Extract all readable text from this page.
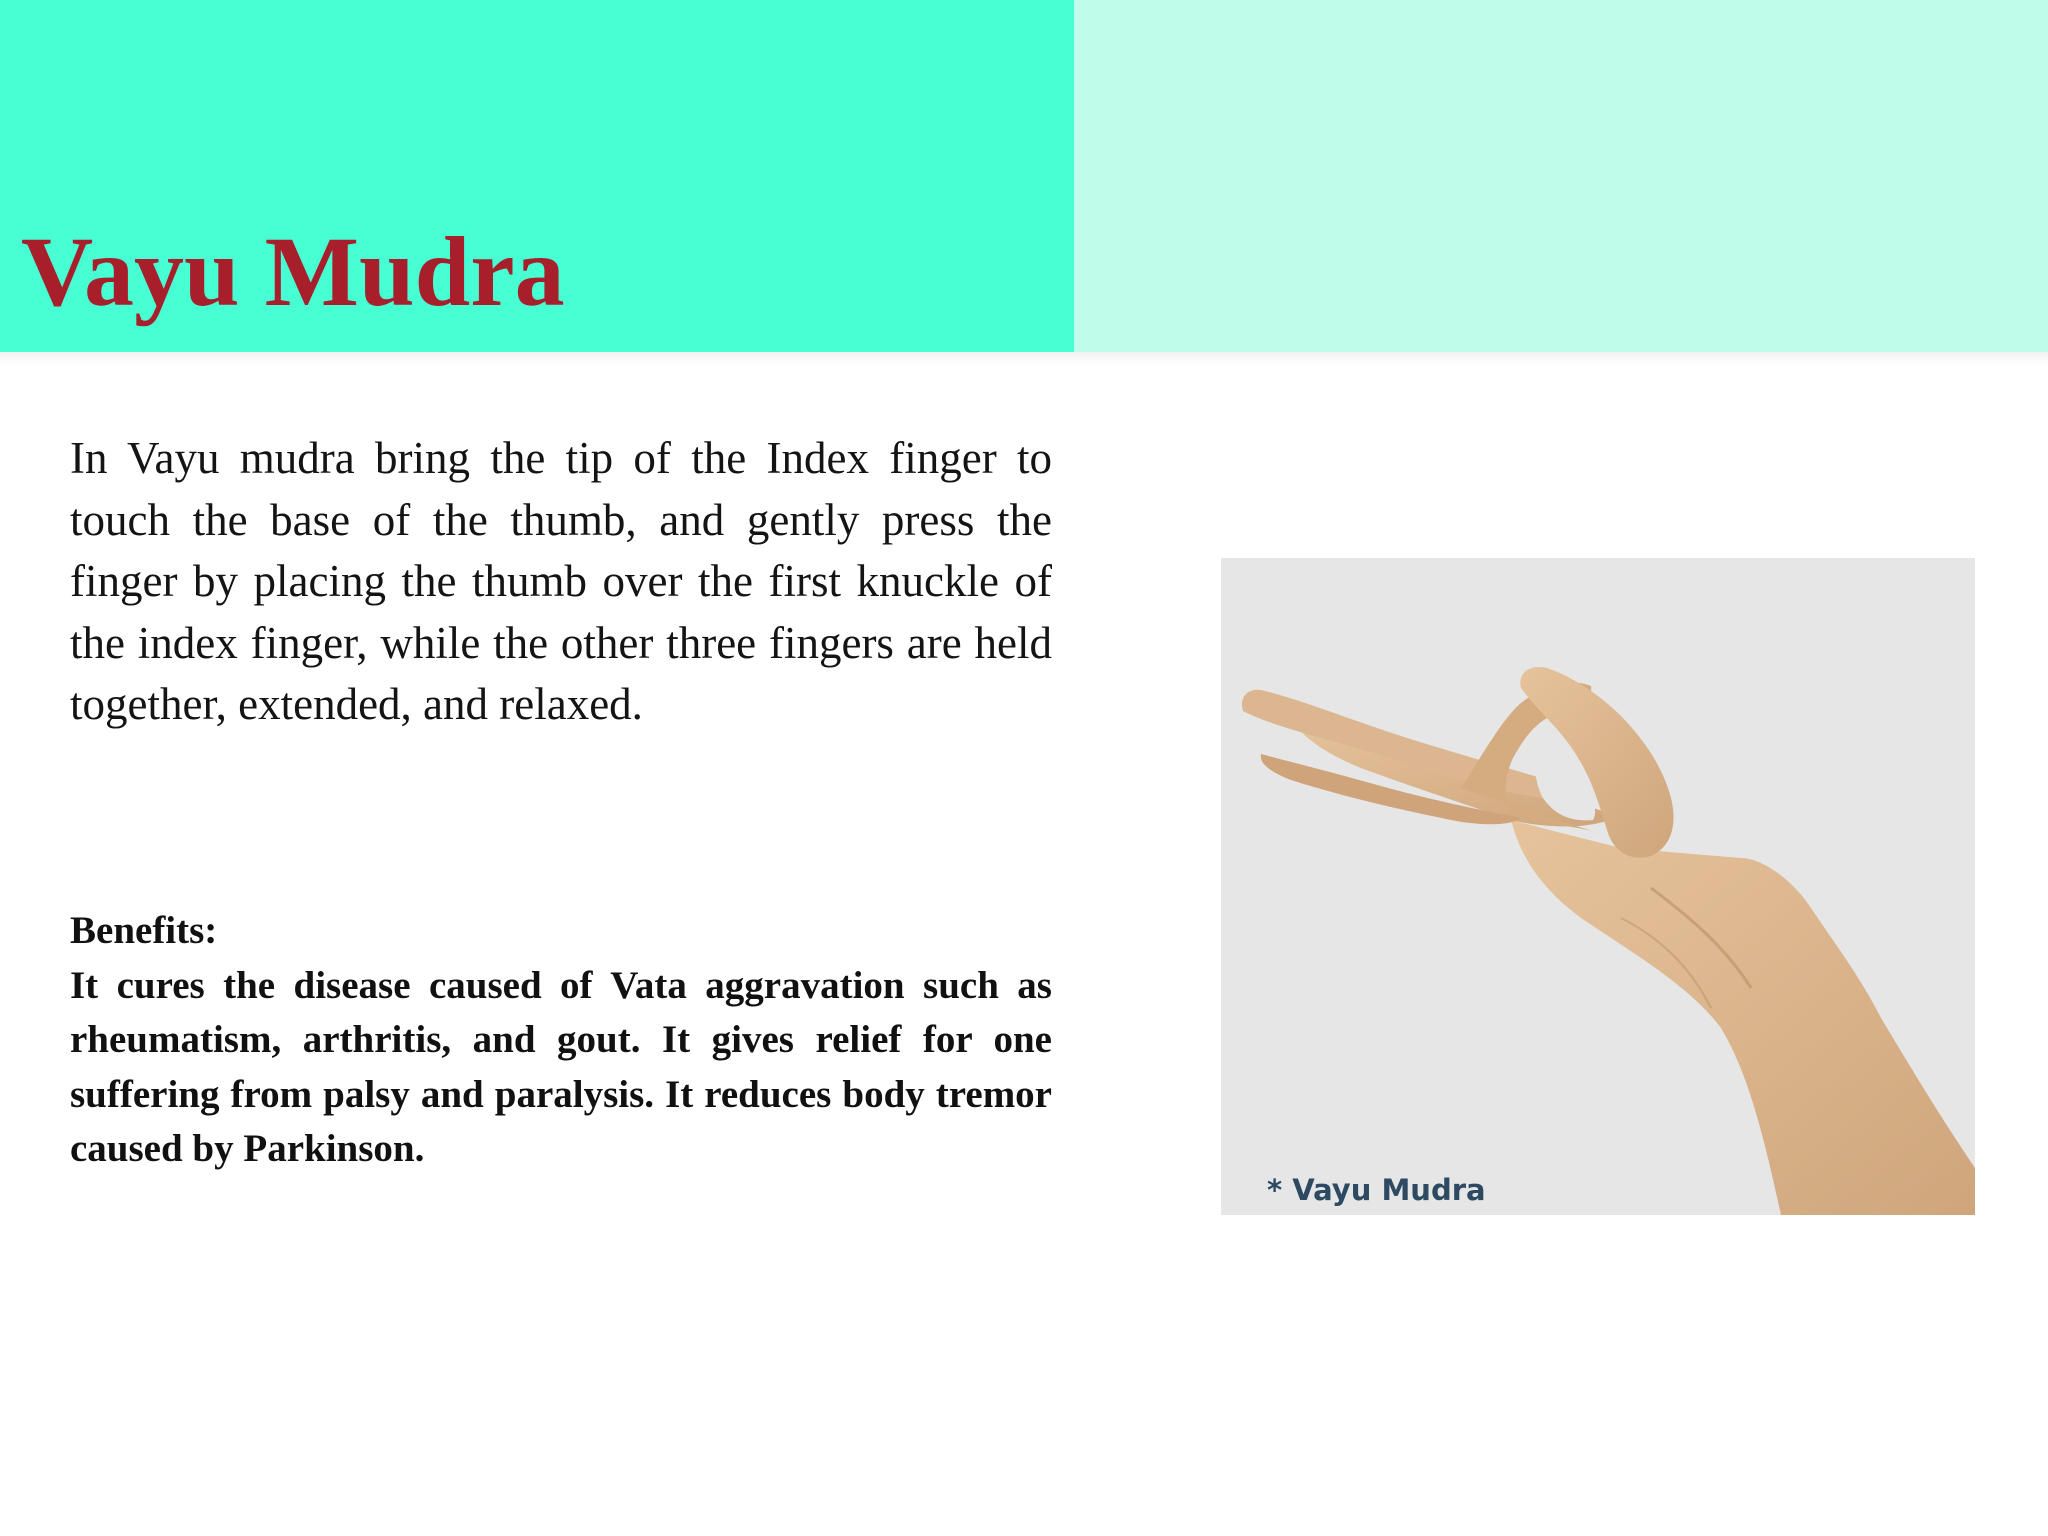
Vayu Mudra

In Vayu mudra bring the tip of the Index finger to touch the base of the thumb, and gently press the finger by placing the thumb over the first knuckle of the index finger, while the other three fingers are held together, extended, and relaxed.

Benefits:
It cures the disease caused of Vata aggravation such as rheumatism, arthritis, and gout. It gives relief for one suffering from palsy and paralysis. It reduces body tremor caused by Parkinson.
* Vayu Mudra
